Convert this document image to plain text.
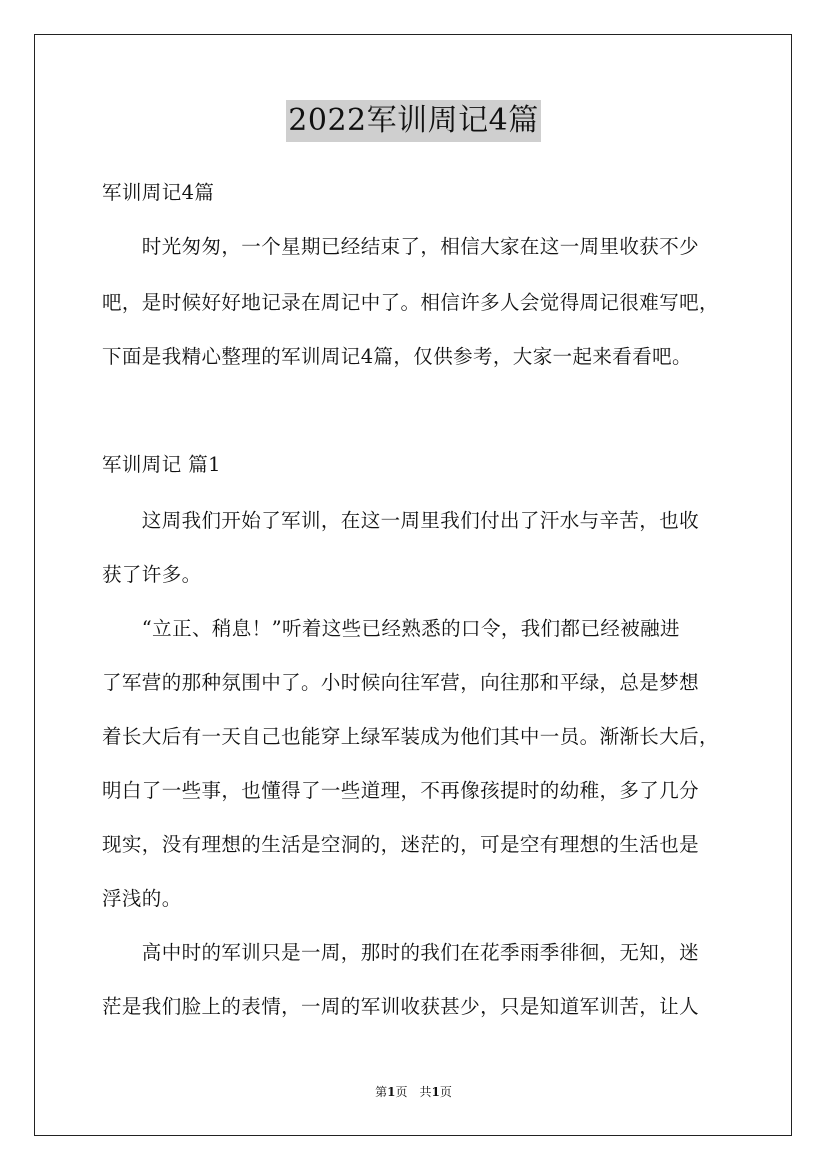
2022军训周记4篇
军训周记4篇
　　时光匆匆，一个星期已经结束了，相信大家在这一周里收获不少
吧，是时候好好地记录在周记中了。相信许多人会觉得周记很难写吧，
下面是我精心整理的军训周记4篇，仅供参考，大家一起来看看吧。
军训周记 篇1
　　这周我们开始了军训，在这一周里我们付出了汗水与辛苦，也收
获了许多。
　　“立正、稍息！”听着这些已经熟悉的口令，我们都已经被融进
了军营的那种氛围中了。小时候向往军营，向往那和平绿，总是梦想
着长大后有一天自己也能穿上绿军装成为他们其中一员。渐渐长大后，
明白了一些事，也懂得了一些道理，不再像孩提时的幼稚，多了几分
现实，没有理想的生活是空洞的，迷茫的，可是空有理想的生活也是
浮浅的。
　　高中时的军训只是一周，那时的我们在花季雨季徘徊，无知，迷
茫是我们脸上的表情，一周的军训收获甚少，只是知道军训苦，让人
第1页　共1页
